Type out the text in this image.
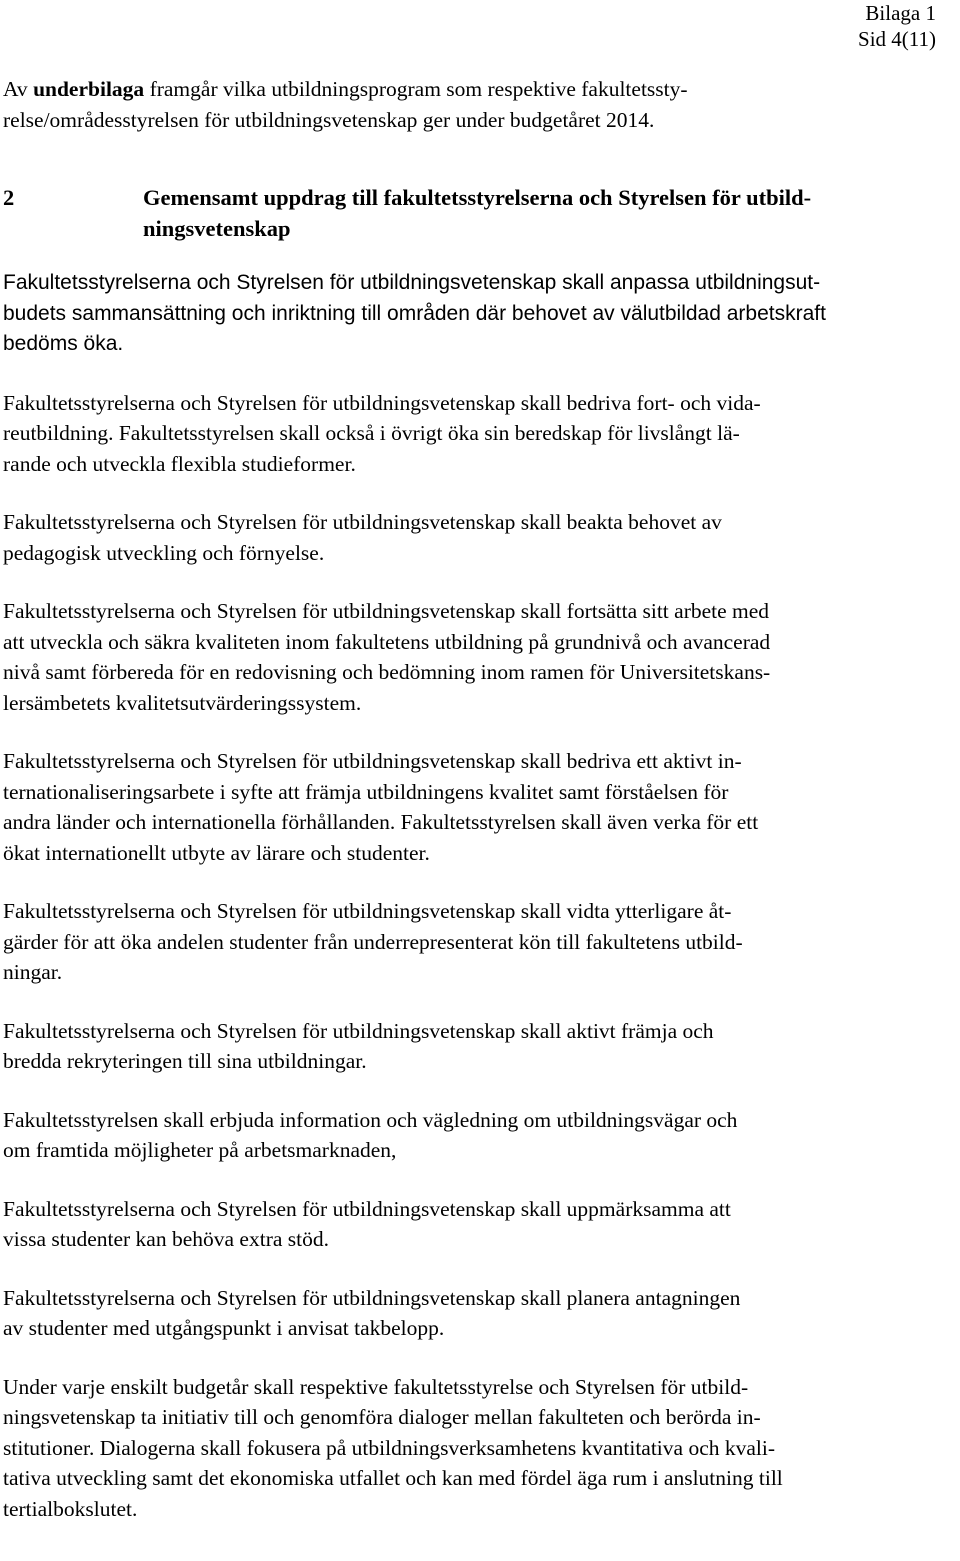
Bilaga 1
Sid 4(11)

Av underbilaga framgår vilka utbildningsprogram som respektive fakultetssty-
relse/områdesstyrelsen för utbildningsvetenskap ger under budgetåret 2014.

2	Gemensamt uppdrag till fakultetsstyrelserna och Styrelsen för utbild-
ningsvetenskap

Fakultetsstyrelserna och Styrelsen för utbildningsvetenskap skall anpassa utbildningsut-
budets sammansättning och inriktning till områden där behovet av välutbildad arbetskraft
bedöms öka.

Fakultetsstyrelserna och Styrelsen för utbildningsvetenskap skall bedriva fort- och vida-
reutbildning. Fakultetsstyrelsen skall också i övrigt öka sin beredskap för livslångt lä-
rande och utveckla flexibla studieformer.

Fakultetsstyrelserna och Styrelsen för utbildningsvetenskap skall beakta behovet av
pedagogisk utveckling och förnyelse.

Fakultetsstyrelserna och Styrelsen för utbildningsvetenskap skall fortsätta sitt arbete med
att utveckla och säkra kvaliteten inom fakultetens utbildning på grundnivå och avancerad
nivå samt förbereda för en redovisning och bedömning inom ramen för Universitetskans-
lersämbetets kvalitetsutvärderingssystem.

Fakultetsstyrelserna och Styrelsen för utbildningsvetenskap skall bedriva ett aktivt in-
ternationaliseringsarbete i syfte att främja utbildningens kvalitet samt förståelsen för
andra länder och internationella förhållanden. Fakultetsstyrelsen skall även verka för ett
ökat internationellt utbyte av lärare och studenter.

Fakultetsstyrelserna och Styrelsen för utbildningsvetenskap skall vidta ytterligare åt-
gärder för att öka andelen studenter från underrepresenterat kön till fakultetens utbild-
ningar.

Fakultetsstyrelserna och Styrelsen för utbildningsvetenskap skall aktivt främja och
bredda rekryteringen till sina utbildningar.

Fakultetsstyrelsen skall erbjuda information och vägledning om utbildningsvägar och
om framtida möjligheter på arbetsmarknaden,

Fakultetsstyrelserna och Styrelsen för utbildningsvetenskap skall uppmärksamma att
vissa studenter kan behöva extra stöd.

Fakultetsstyrelserna och Styrelsen för utbildningsvetenskap skall planera antagningen
av studenter med utgångspunkt i anvisat takbelopp.

Under varje enskilt budgetår skall respektive fakultetsstyrelse och Styrelsen för utbild-
ningsvetenskap ta initiativ till och genomföra dialoger mellan fakulteten och berörda in-
stitutioner. Dialogerna skall fokusera på utbildningsverksamhetens kvantitativa och kvali-
tativa utveckling samt det ekonomiska utfallet och kan med fördel äga rum i anslutning till
tertialbokslutet.
